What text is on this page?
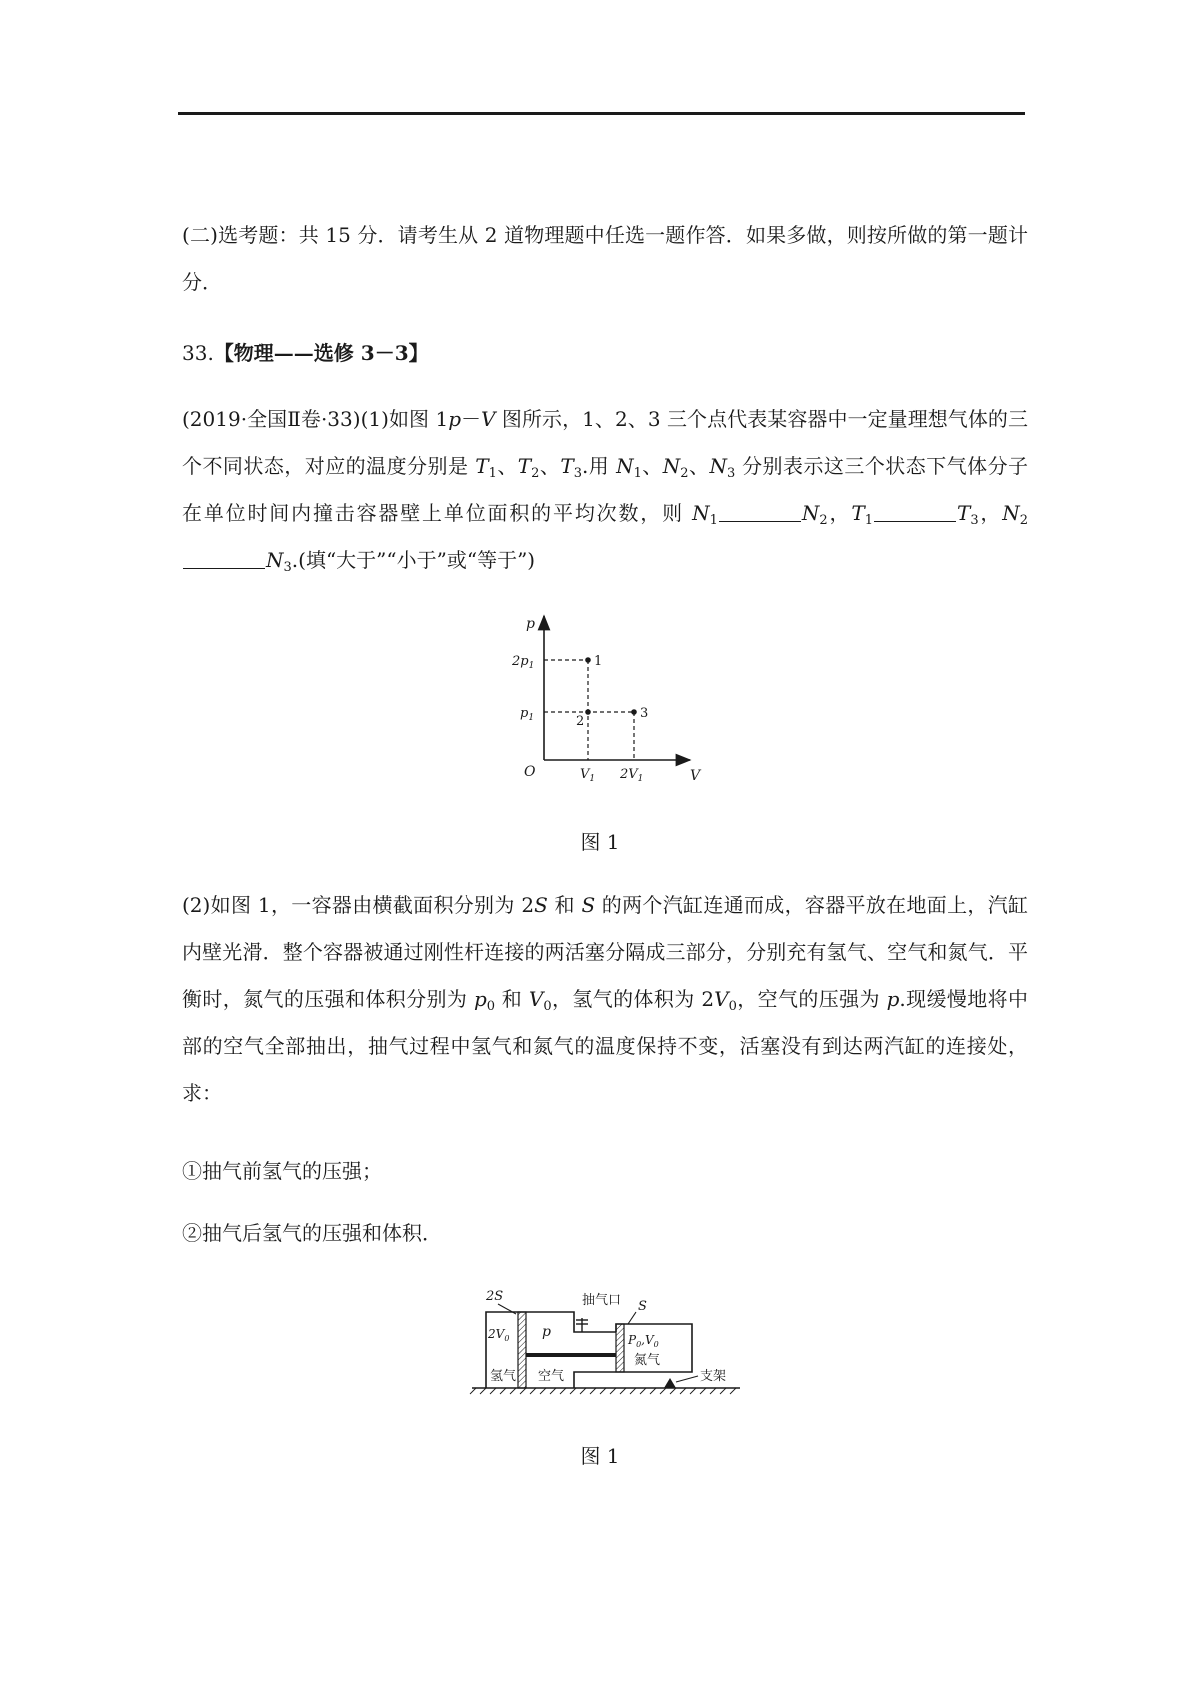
(二)选考题：共 15 分．请考生从 2 道物理题中任选一题作答．如果多做，则按所做的第一题计分．

33.【物理——选修 3－3】

(2019·全国Ⅱ卷·33)(1)如图 1p－V 图所示，1、2、3 三个点代表某容器中一定量理想气体的三个不同状态，对应的温度分别是 $T_1$、$T_2$、$T_3$.用 $N_1$、$N_2$、$N_3$ 分别表示这三个状态下气体分子在单位时间内撞击容器壁上单位面积的平均次数，则 $N_1$	$N_2$，$T_1$	$T_3$，$N_2N_3$.(填“大于”“小于”或“等于”)

p
V
O
$2p_1$
$p_1$
$V_1$ $2V_1$
1
2
3
图 1

(2)如图 1，一容器由横截面积分别为 2S 和 S 的两个汽缸连通而成，容器平放在地面上，汽缸内壁光滑．整个容器被通过刚性杆连接的两活塞分隔成三部分，分别充有氢气、空气和氮气．平衡时，氮气的压强和体积分别为 $p_0$ 和 $V_0$，氢气的体积为 $2V_0$，空气的压强为 p.现缓慢地将中部的空气全部抽出，抽气过程中氢气和氮气的温度保持不变，活塞没有到达两汽缸的连接处，求：

①抽气前氢气的压强；

②抽气后氢气的压强和体积．

2S
S
抽气口
$2V_0$
氢气
p
空气
$P_0,V_0$
氮气
支架
图 1
